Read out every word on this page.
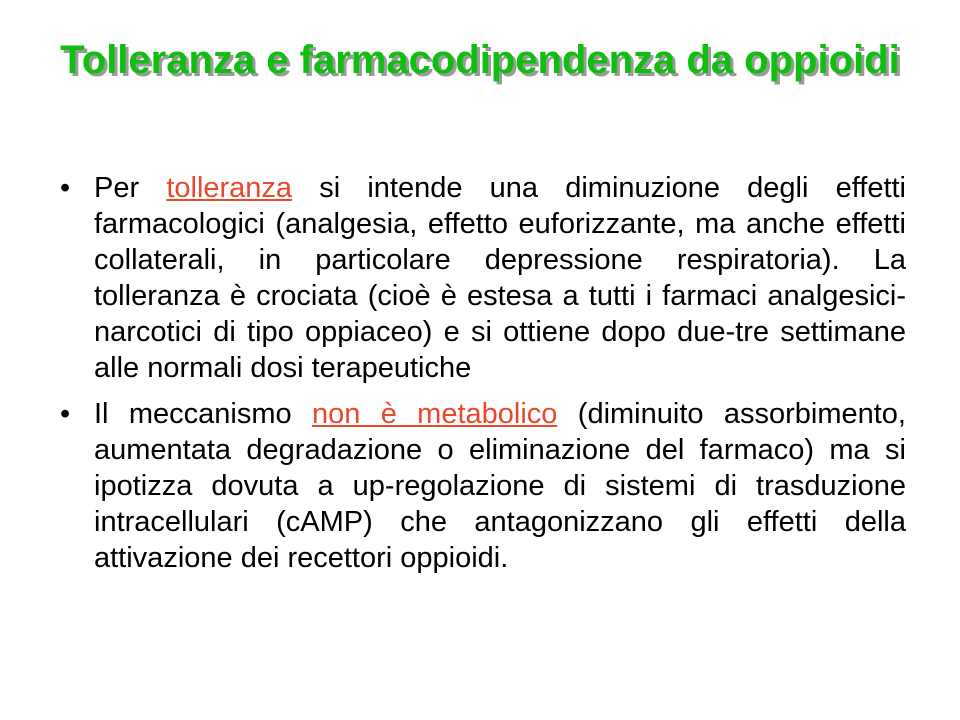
Tolleranza e farmacodipendenza da oppioidi
• Per tolleranza si intende una diminuzione degli effetti farmacologici (analgesia, effetto euforizzante, ma anche effetti collaterali, in particolare depressione respiratoria). La tolleranza è crociata (cioè è estesa a tutti i farmaci analgesici-narcotici di tipo oppiaceo) e si ottiene dopo due-tre settimane alle normali dosi terapeutiche
• Il meccanismo non è metabolico (diminuito assorbimento, aumentata degradazione o eliminazione del farmaco) ma si ipotizza dovuta a up-regolazione di sistemi di trasduzione intracellulari (cAMP) che antagonizzano gli effetti della attivazione dei recettori oppioidi.
